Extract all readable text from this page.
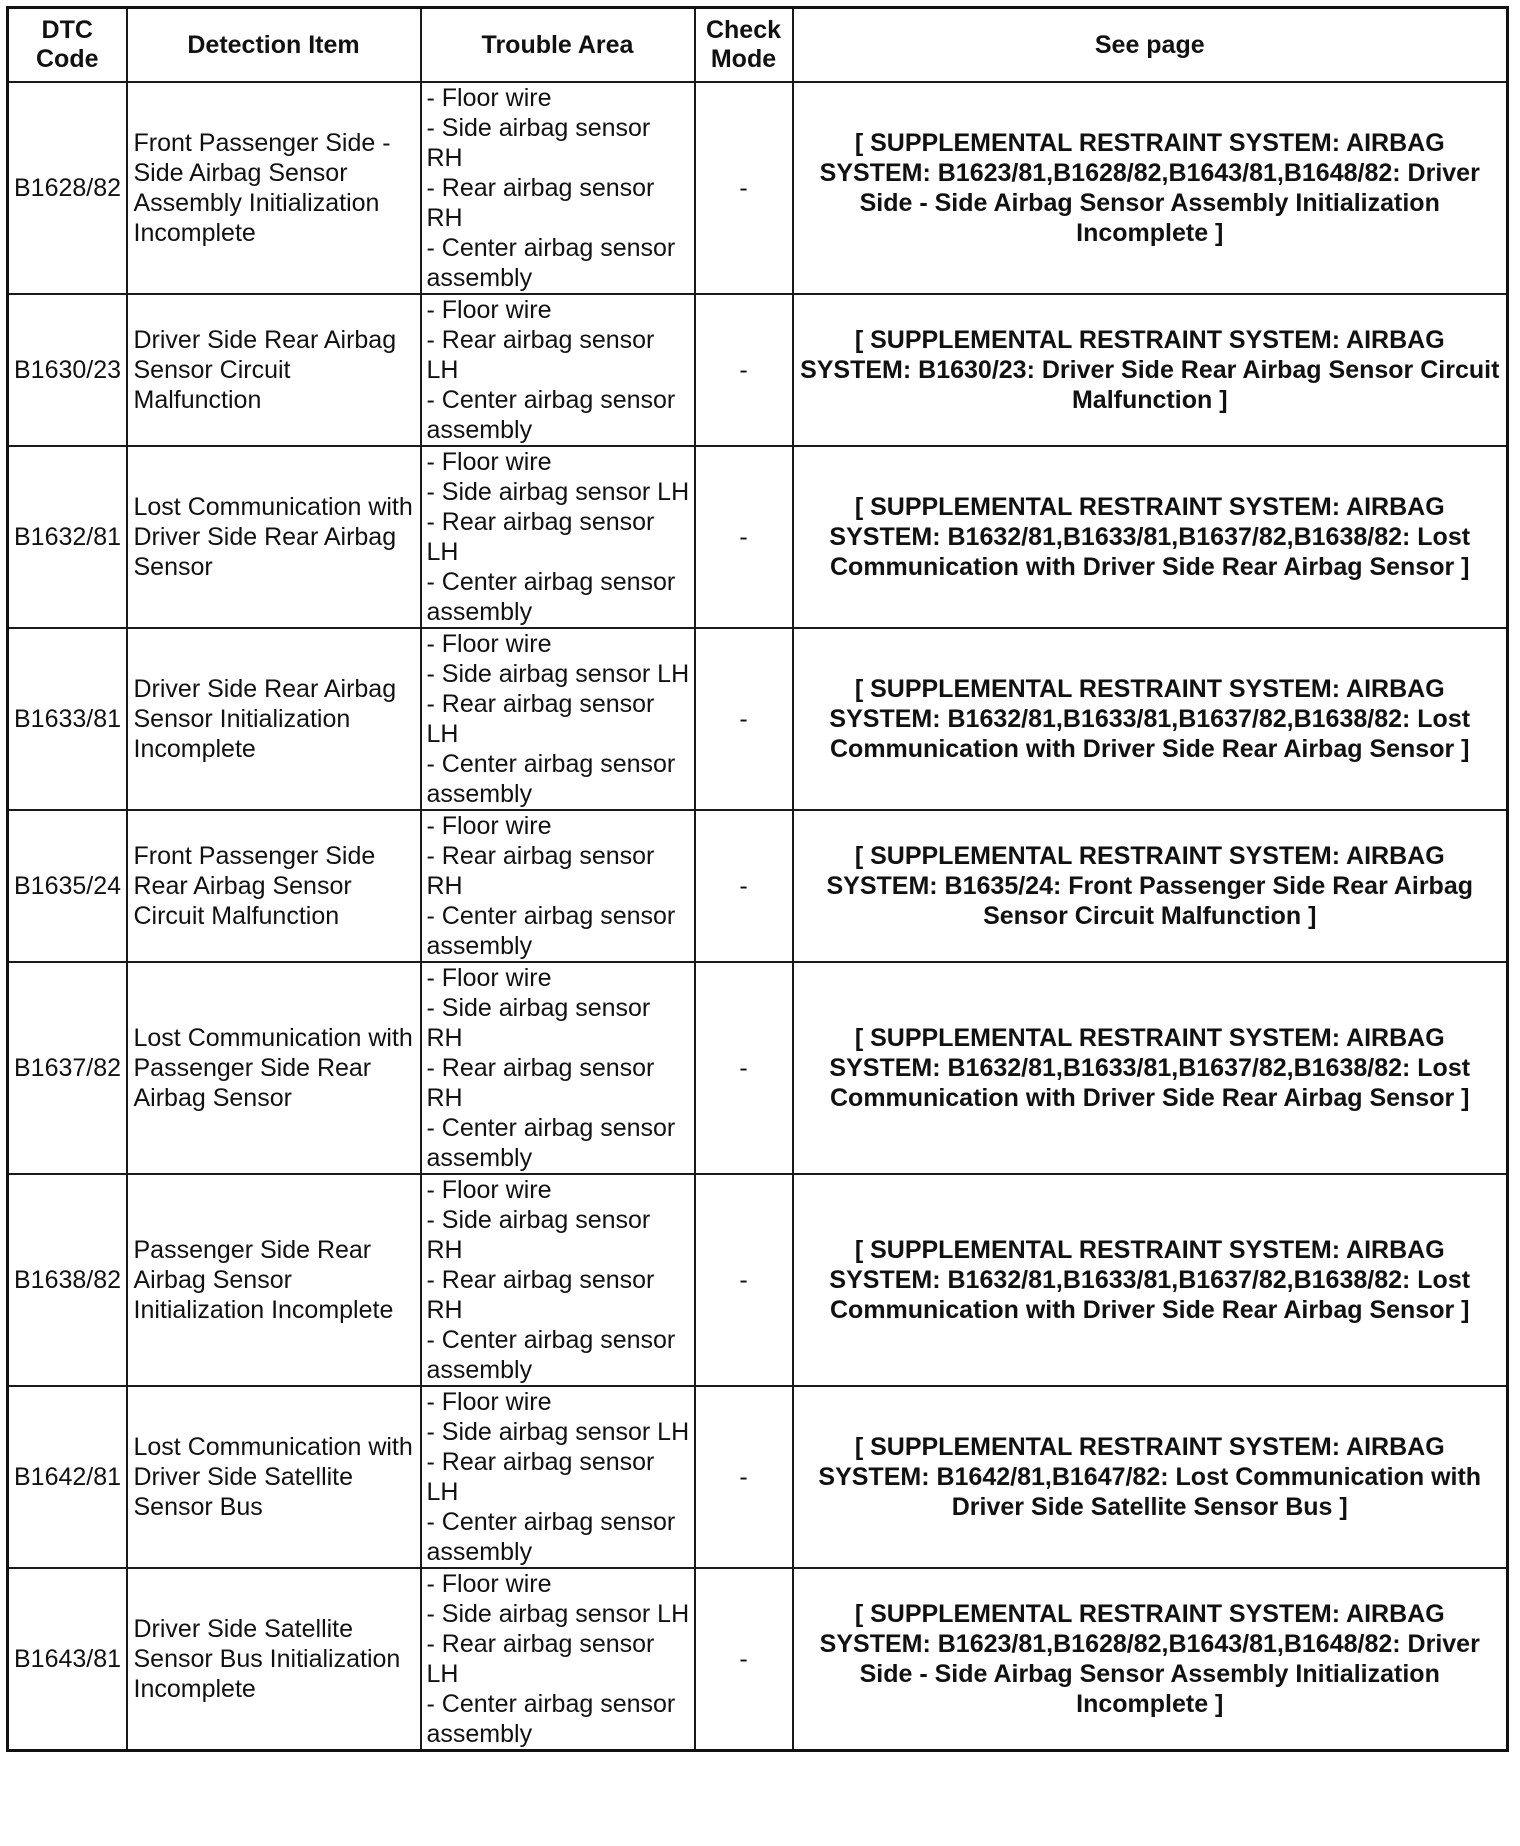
DTC Code	Detection Item	Trouble Area	Check Mode	See page
B1628/82	Front Passenger Side - Side Airbag Sensor Assembly Initialization Incomplete	- Floor wire
- Side airbag sensor RH
- Rear airbag sensor RH
- Center airbag sensor assembly	-	[ SUPPLEMENTAL RESTRAINT SYSTEM: AIRBAG SYSTEM: B1623/81,B1628/82,B1643/81,B1648/82: Driver Side - Side Airbag Sensor Assembly Initialization Incomplete ]
B1630/23	Driver Side Rear Airbag Sensor Circuit Malfunction	- Floor wire
- Rear airbag sensor LH
- Center airbag sensor assembly	-	[ SUPPLEMENTAL RESTRAINT SYSTEM: AIRBAG SYSTEM: B1630/23: Driver Side Rear Airbag Sensor Circuit Malfunction ]
B1632/81	Lost Communication with Driver Side Rear Airbag Sensor	- Floor wire
- Side airbag sensor LH
- Rear airbag sensor LH
- Center airbag sensor assembly	-	[ SUPPLEMENTAL RESTRAINT SYSTEM: AIRBAG SYSTEM: B1632/81,B1633/81,B1637/82,B1638/82: Lost Communication with Driver Side Rear Airbag Sensor ]
B1633/81	Driver Side Rear Airbag Sensor Initialization Incomplete	- Floor wire
- Side airbag sensor LH
- Rear airbag sensor LH
- Center airbag sensor assembly	-	[ SUPPLEMENTAL RESTRAINT SYSTEM: AIRBAG SYSTEM: B1632/81,B1633/81,B1637/82,B1638/82: Lost Communication with Driver Side Rear Airbag Sensor ]
B1635/24	Front Passenger Side Rear Airbag Sensor Circuit Malfunction	- Floor wire
- Rear airbag sensor RH
- Center airbag sensor assembly	-	[ SUPPLEMENTAL RESTRAINT SYSTEM: AIRBAG SYSTEM: B1635/24: Front Passenger Side Rear Airbag Sensor Circuit Malfunction ]
B1637/82	Lost Communication with Passenger Side Rear Airbag Sensor	- Floor wire
- Side airbag sensor RH
- Rear airbag sensor RH
- Center airbag sensor assembly	-	[ SUPPLEMENTAL RESTRAINT SYSTEM: AIRBAG SYSTEM: B1632/81,B1633/81,B1637/82,B1638/82: Lost Communication with Driver Side Rear Airbag Sensor ]
B1638/82	Passenger Side Rear Airbag Sensor Initialization Incomplete	- Floor wire
- Side airbag sensor RH
- Rear airbag sensor RH
- Center airbag sensor assembly	-	[ SUPPLEMENTAL RESTRAINT SYSTEM: AIRBAG SYSTEM: B1632/81,B1633/81,B1637/82,B1638/82: Lost Communication with Driver Side Rear Airbag Sensor ]
B1642/81	Lost Communication with Driver Side Satellite Sensor Bus	- Floor wire
- Side airbag sensor LH
- Rear airbag sensor LH
- Center airbag sensor assembly	-	[ SUPPLEMENTAL RESTRAINT SYSTEM: AIRBAG SYSTEM: B1642/81,B1647/82: Lost Communication with Driver Side Satellite Sensor Bus ]
B1643/81	Driver Side Satellite Sensor Bus Initialization Incomplete	- Floor wire
- Side airbag sensor LH
- Rear airbag sensor LH
- Center airbag sensor assembly	-	[ SUPPLEMENTAL RESTRAINT SYSTEM: AIRBAG SYSTEM: B1623/81,B1628/82,B1643/81,B1648/82: Driver Side - Side Airbag Sensor Assembly Initialization Incomplete ]
